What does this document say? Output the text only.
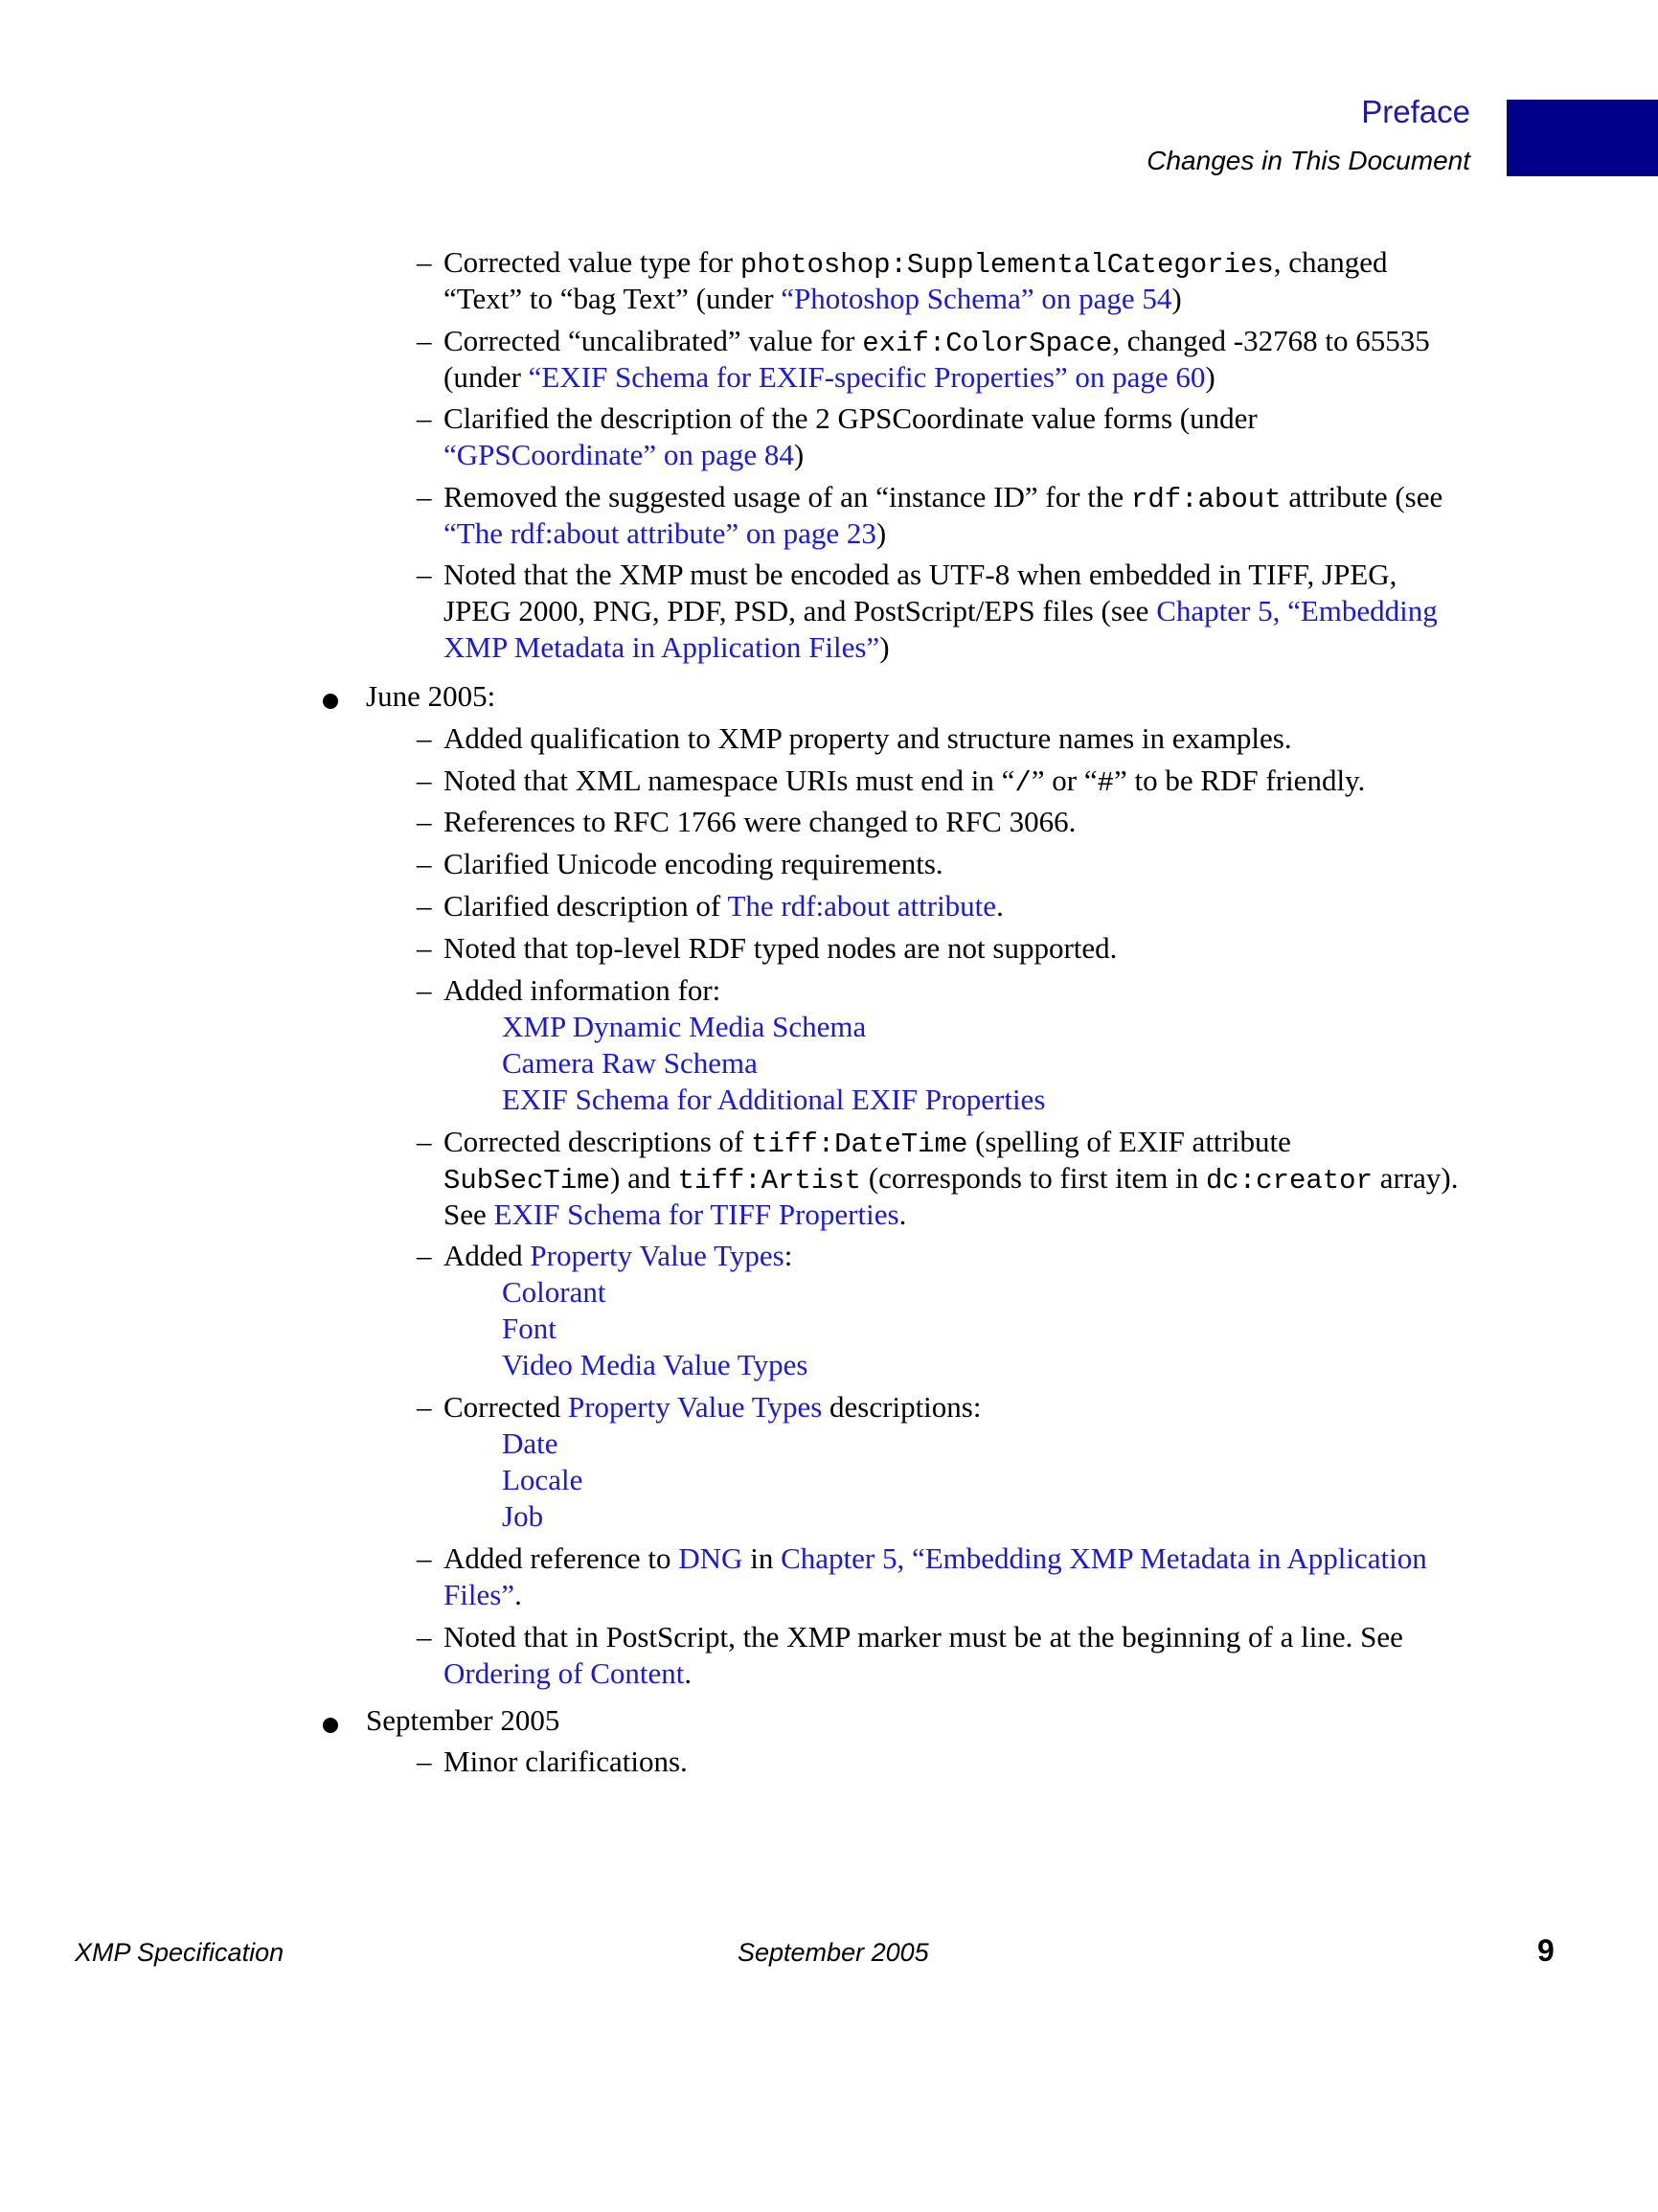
Preface
Changes in This Document
– Corrected value type for photoshop:SupplementalCategories, changed
“Text” to “bag Text” (under “Photoshop Schema” on page 54)
– Corrected “uncalibrated” value for exif:ColorSpace, changed -32768 to 65535
(under “EXIF Schema for EXIF-specific Properties” on page 60)
– Clarified the description of the 2 GPSCoordinate value forms (under
“GPSCoordinate” on page 84)
– Removed the suggested usage of an “instance ID” for the rdf:about attribute (see
“The rdf:about attribute” on page 23)
– Noted that the XMP must be encoded as UTF-8 when embedded in TIFF, JPEG,
JPEG 2000, PNG, PDF, PSD, and PostScript/EPS files (see Chapter 5, “Embedding
XMP Metadata in Application Files”)
June 2005:
– Added qualification to XMP property and structure names in examples.
– Noted that XML namespace URIs must end in “/” or “#” to be RDF friendly.
– References to RFC 1766 were changed to RFC 3066.
– Clarified Unicode encoding requirements.
– Clarified description of The rdf:about attribute.
– Noted that top-level RDF typed nodes are not supported.
– Added information for:
XMP Dynamic Media Schema
Camera Raw Schema
EXIF Schema for Additional EXIF Properties
– Corrected descriptions of tiff:DateTime (spelling of EXIF attribute
SubSecTime) and tiff:Artist (corresponds to first item in dc:creator array).
See EXIF Schema for TIFF Properties.
– Added Property Value Types:
Colorant
Font
Video Media Value Types
– Corrected Property Value Types descriptions:
Date
Locale
Job
– Added reference to DNG in Chapter 5, “Embedding XMP Metadata in Application
Files”.
– Noted that in PostScript, the XMP marker must be at the beginning of a line. See
Ordering of Content.
September 2005
– Minor clarifications.
XMP Specification	September 2005	9
